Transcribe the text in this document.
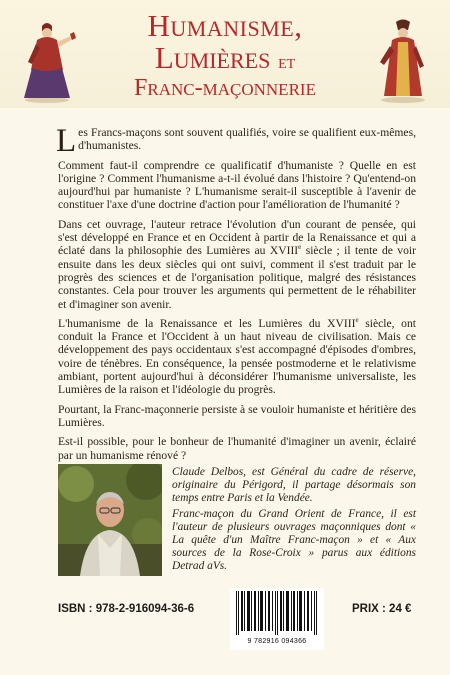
Humanisme,
Lumières et
Franc-maçonnerie

Les Francs-maçons sont souvent qualifiés, voire se qualifient eux-mêmes, d'humanistes.

Comment faut-il comprendre ce qualificatif d'humaniste ? Quelle en est l'origine ? Comment l'humanisme a-t-il évolué dans l'histoire ? Qu'entend-on aujourd'hui par humaniste ? L'humanisme serait-il susceptible à l'avenir de constituer l'axe d'une doctrine d'action pour l'amélioration de l'humanité ?

Dans cet ouvrage, l'auteur retrace l'évolution d'un courant de pensée, qui s'est développé en France et en Occident à partir de la Renaissance et qui a éclaté dans la philosophie des Lumières au XVIIIe siècle ; il tente de voir ensuite dans les deux siècles qui ont suivi, comment il s'est traduit par le progrès des sciences et de l'organisation politique, malgré des résistances constantes. Cela pour trouver les arguments qui permettent de le réhabiliter et d'imaginer son avenir.

L'humanisme de la Renaissance et les Lumières du XVIIIe siècle, ont conduit la France et l'Occident à un haut niveau de civilisation. Mais ce développement des pays occidentaux s'est accompagné d'épisodes d'ombres, voire de ténèbres. En conséquence, la pensée postmoderne et le relativisme ambiant, portent aujourd'hui à déconsidérer l'humanisme universaliste, les Lumières de la raison et l'idéologie du progrès.

Pourtant, la Franc-maçonnerie persiste à se vouloir humaniste et héritière des Lumières.

Est-il possible, pour le bonheur de l'humanité d'imaginer un avenir, éclairé par un humanisme rénové ?

Claude Delbos, est Général du cadre de réserve, originaire du Périgord, il partage désormais son temps entre Paris et la Vendée.

Franc-maçon du Grand Orient de France, il est l'auteur de plusieurs ouvrages maçonniques dont « La quête d'un Maître Franc-maçon » et « Aux sources de la Rose-Croix » parus aux éditions Detrad aVs.

ISBN : 978-2-916094-36-6
9 782916 094366
PRIX : 24 €
